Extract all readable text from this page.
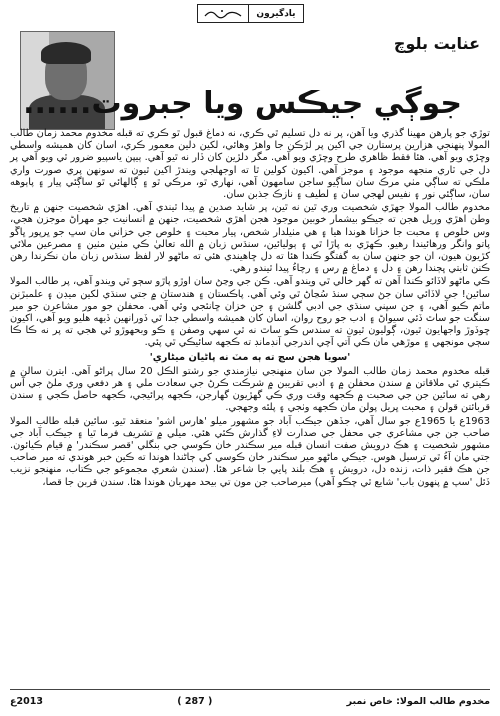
يادگيرون
عنايت بلوچ
جوڳي جيڪس ويا جبروت......

توڙي جو پارهن مهينا گذري ويا آهن، پر نه دل تسليم ٿي ڪري، نه دماغ قبول ٿو ڪري ته قبله مخدوم محمد زمان طالب المولا پنهنجي هزارين پرستارن جي اکين پر لڙڪن جا واهڙ وهائي، لکين دلين معمور ڪري، اسان کان هميشه واسطي وڇڙي ويو آهي. هئا فقط ظاهري طرح وڇڙي ويو آهي. مگر دلڙين کان ڏار نه ٿيو آهي. ٻيپن ياسپيو ضرور ٿي ويو آهي پر دل جي ٽاري منجهه موجود ۽ موجز آهي. اکيون کولين ٿا ته اوجهلجي ويندڙ اکين ٿيون ته سونهن پري صورت واري ملڪي ته ساڳي مٺي مرڪ سان ساڳيو ساجن سامهون آهي، نهاري ٿو، مرڪي ٿو ۽ ڳالهائي ٿو ساڳئي پيار ۽ پاٻوهه سان، ساڳئي نور ۽ نفيس لهجي سان ۽ لطيف ۽ نازڪ جذبن سان.

مخدوم طالب المولا جهڙي شخصيت وري ٿين نه ٿين، پر شايد صدين ۾ پيدا ٿيندي آهي. اهڙي شخصيت جنهن ۾ تاريخ وطن اهڙي وريل هجن ته جيڪو بيشمار خوبين موجود هجن اهڙي شخصيت، جنهن ۾ انسانيت جو مهراڻ موجزن هجي، وس خلوص ۽ محبت جا خزانا هوندا هيا ۽ هي مٺيلدار شخص، پيار محبت ۽ خلوص جي خزاني مان سڀ جو ڀرپور ڀاڱو پاتو وانگر ورهائيندا رهيو. ڪهڙي به پاڙا ٿي ۽ ٻوليائين، سنڌس زبان ۾ الله تعاليٰ ڪي مٺين مٺين ۽ مصرعين ملائي کڙيون هيون، ان جو جنهن سان به گفتگو ڪندا هئا ته دل ڇاهيندي هئي ته ماڻهو لار لفظ سنڌس زبان مان نڪرندا رهن ڪنن ثابتي ڀڄندا رهن ۽ دل ۽ دماغ ۾ رس ۽ رچاءُ پيدا ٿيندو رهي.

ڪي ماڻهو لاڏائو ڪندا آهن ته گهر خالي ٿي ويندو آهي. ڪن جي وڃڻ سان اوڙو پاڙو سڄو ٿي ويندو آهي، پر طالب المولا سائين! جي لاڏائي سان جڻ سڄي سنڌ سُڃاڻ ٿي وئي آهي. پاڪستان ۽ هندستان ۾ جتي سنڌي لکين ميڊن ۽ علمبڙنن ماتم ڪيو آهي، ۽ جن سڀني سنڌي جي ادبي گلشن ۽ جن خزان ڇانئجي وئي آهي. محفلن جو مور مشاعرن جو مير سنگت جو ساٿ ڏئي سيواڻ ۽ ادب جو روح روان، اسان کان هميشه واسطي جدا ٿي ڏورانهين ڏيهه هليو ويو آهي، اکيون ڇوڏوڙ واجهايون ٿيون، ڳوليون ٿيون ته سندس ڪو ساٿ نه ٿي سهي وصفن ۽ ڪو وبحهوڙو ٿي هجي ته پر نه ڪا ڪا سڄي مونجهي ۽ موڙهي مان ڪي آتي آچي اندرجي آنڊمانڊ ته ڪجهه سائيڪي ٿي پئي.

'سويا هجن سڄ ته ٻه مٽ نه پاڻيان ميڻاري'

قبله مخدوم محمد زمان طالب المولا جن سان منهنجي نيازمندي جو رشتو الڪل 20 سال پراڻو آهي. ايترن سالن ۾ ڪيتري ئي ملاقاتن ۾ سندن محفلن ۾ ۽ ادبي تقريبن ۾ شرڪت ڪرڻ جي سعادت ملي ۽ هر دفعي وري ملڻ جي آس رهي ته سائين جن جي صحبت ۾ ڪجهه وقت وري ڪي گهڙيون گهارجن، ڪجهه پرائيجي، ڪجهه حاصل ڪجي ۽ سندن قربائتن قولن ۽ محبت ڀريل پولن مان ڪجهه وٺجي ۽ پلئه وجهجي.

1963ع يا 1965ع جو سال آهي، جڏهن جيڪب آباد جو مشهور ميلو 'هارس اشو' منعقد ٿيو. سائين قبله طالب المولا صاحب جن جي مشاعري جي محفل جي صدارت لاءِ گذارش ڪئي هئي. ميلي ۾ تشريف فرما ٿيا ۽ جيڪب آباد جي مشهور شخصيت ۽ هڪ درويش صفت انسان قبله مير سڪندر خان ڪوسي جي بنگلي 'قصر سڪندر' ۾ قيام ڪيائون. جتي مان آءُ ٿي ترسيل هوس. جيڪي ماڻهو مير سڪندر خان ڪوسي کي ڄاڻندا هوندا ته ڪين خبر هوندي ته مير صاحب جن هڪ فقير ذات، زنده دل، درويش ۽ هڪ بلند پايي جا شاعر هئا. (سندن شعري مجموعو جي ڪتاب، منهنجو نزيب ڏئل 'سپ ۾ پنهون باب' شايع ٿي چڪو آهي) ميرصاحب جن مون تي بيحد مهربان هوندا هئا. سندن قربن جا قصا،

2013ع	( 287 )	مخدوم طالب المولا: خاص نمبر
